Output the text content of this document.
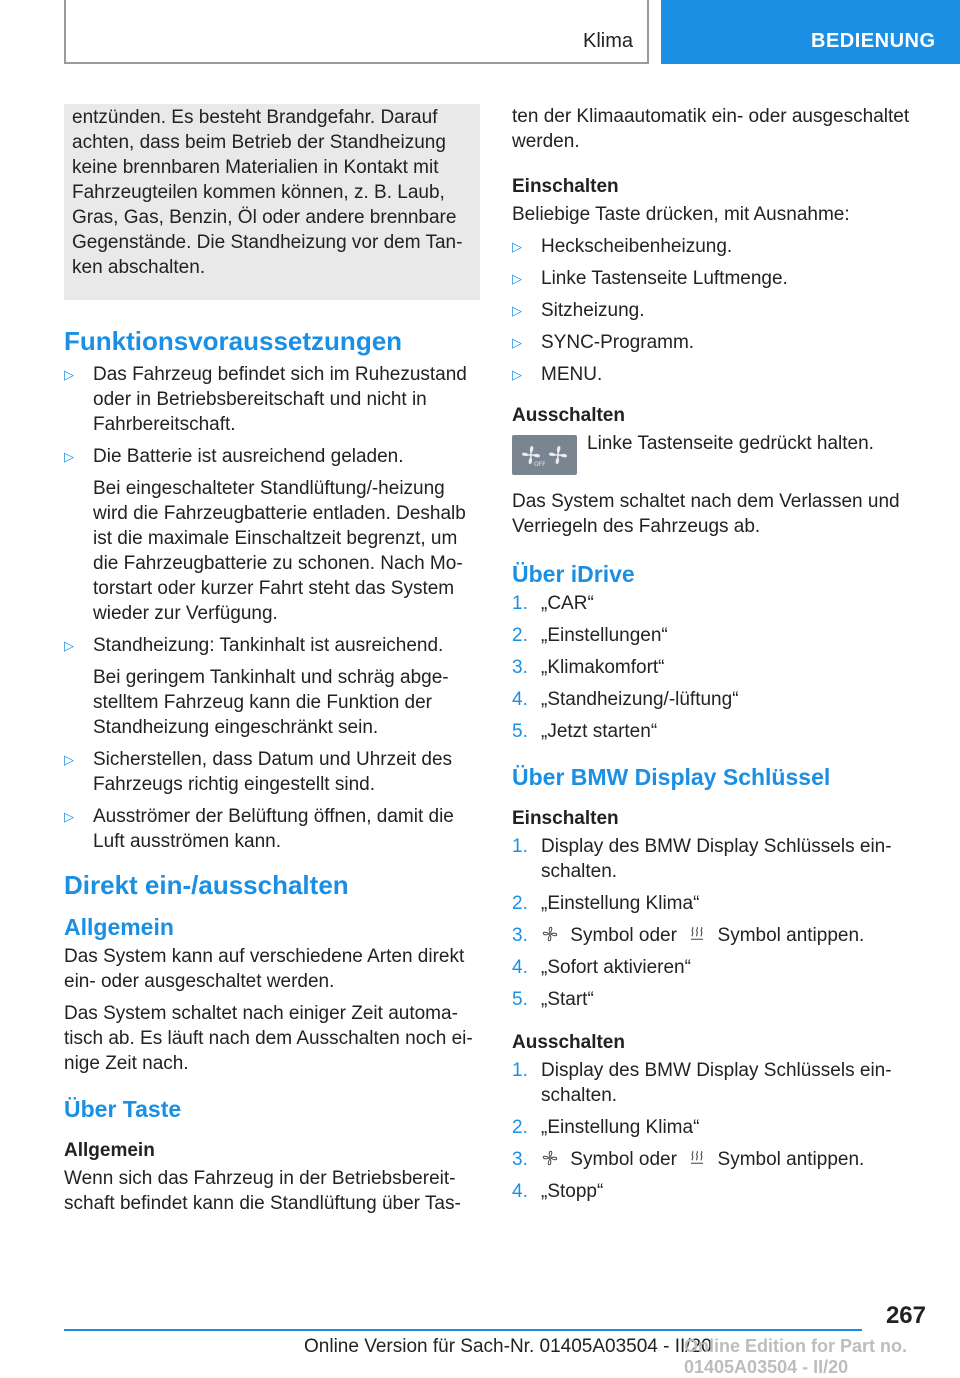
Klima	BEDIENUNG

entzünden. Es besteht Brandgefahr. Darauf achten, dass beim Betrieb der Standheizung keine brennbaren Materialien in Kontakt mit Fahrzeugteilen kommen können, z. B. Laub, Gras, Gas, Benzin, Öl oder andere brennbare Gegenstände. Die Standheizung vor dem Tanken abschalten.

Funktionsvoraussetzungen
▷	Das Fahrzeug befindet sich im Ruhezustand oder in Betriebsbereitschaft und nicht in Fahrbereitschaft.
▷	Die Batterie ist ausreichend geladen.
Bei eingeschalteter Standlüftung/-heizung wird die Fahrzeugbatterie entladen. Deshalb ist die maximale Einschaltzeit begrenzt, um die Fahrzeugbatterie zu schonen. Nach Motorstart oder kurzer Fahrt steht das System wieder zur Verfügung.
▷	Standheizung: Tankinhalt ist ausreichend.
Bei geringem Tankinhalt und schräg abgestelltem Fahrzeug kann die Funktion der Standheizung eingeschränkt sein.
▷	Sicherstellen, dass Datum und Uhrzeit des Fahrzeugs richtig eingestellt sind.
▷	Ausströmer der Belüftung öffnen, damit die Luft ausströmen kann.
Direkt ein-/ausschalten
Allgemein

Das System kann auf verschiedene Arten direkt ein- oder ausgeschaltet werden.

Das System schaltet nach einiger Zeit automatisch ab. Es läuft nach dem Ausschalten noch einige Zeit nach.

Über Taste
Allgemein

Wenn sich das Fahrzeug in der Betriebsbereitschaft befindet kann die Standlüftung über Tas-

ten der Klimaautomatik ein- oder ausgeschaltet werden.

Einschalten

Beliebige Taste drücken, mit Ausnahme:

▷	Heckscheibenheizung.
▷	Linke Tastenseite Luftmenge.
▷	Sitzheizung.
▷	SYNC-Programm.
▷	MENU.
Ausschalten
OFF

Linke Tastenseite gedrückt halten.

Das System schaltet nach dem Verlassen und Verriegeln des Fahrzeugs ab.

Über iDrive
1. „CAR“
2. „Einstellungen“
3. „Klimakomfort“
4. „Standheizung/-lüftung“
5. „Jetzt starten“
Über BMW Display Schlüssel
Einschalten
1. Display des BMW Display Schlüssels einschalten.
2. „Einstellung Klima“
3. Symbol oder Symbol antippen.
4. „Sofort aktivieren“
5. „Start“
Ausschalten
1. Display des BMW Display Schlüssels einschalten.
2. „Einstellung Klima“
3. Symbol oder Symbol antippen.
4. „Stopp“
267
Online Version für Sach-Nr. 01405A03504 - II/20
Online Edition for Part no. 01405A03504 - II/20
